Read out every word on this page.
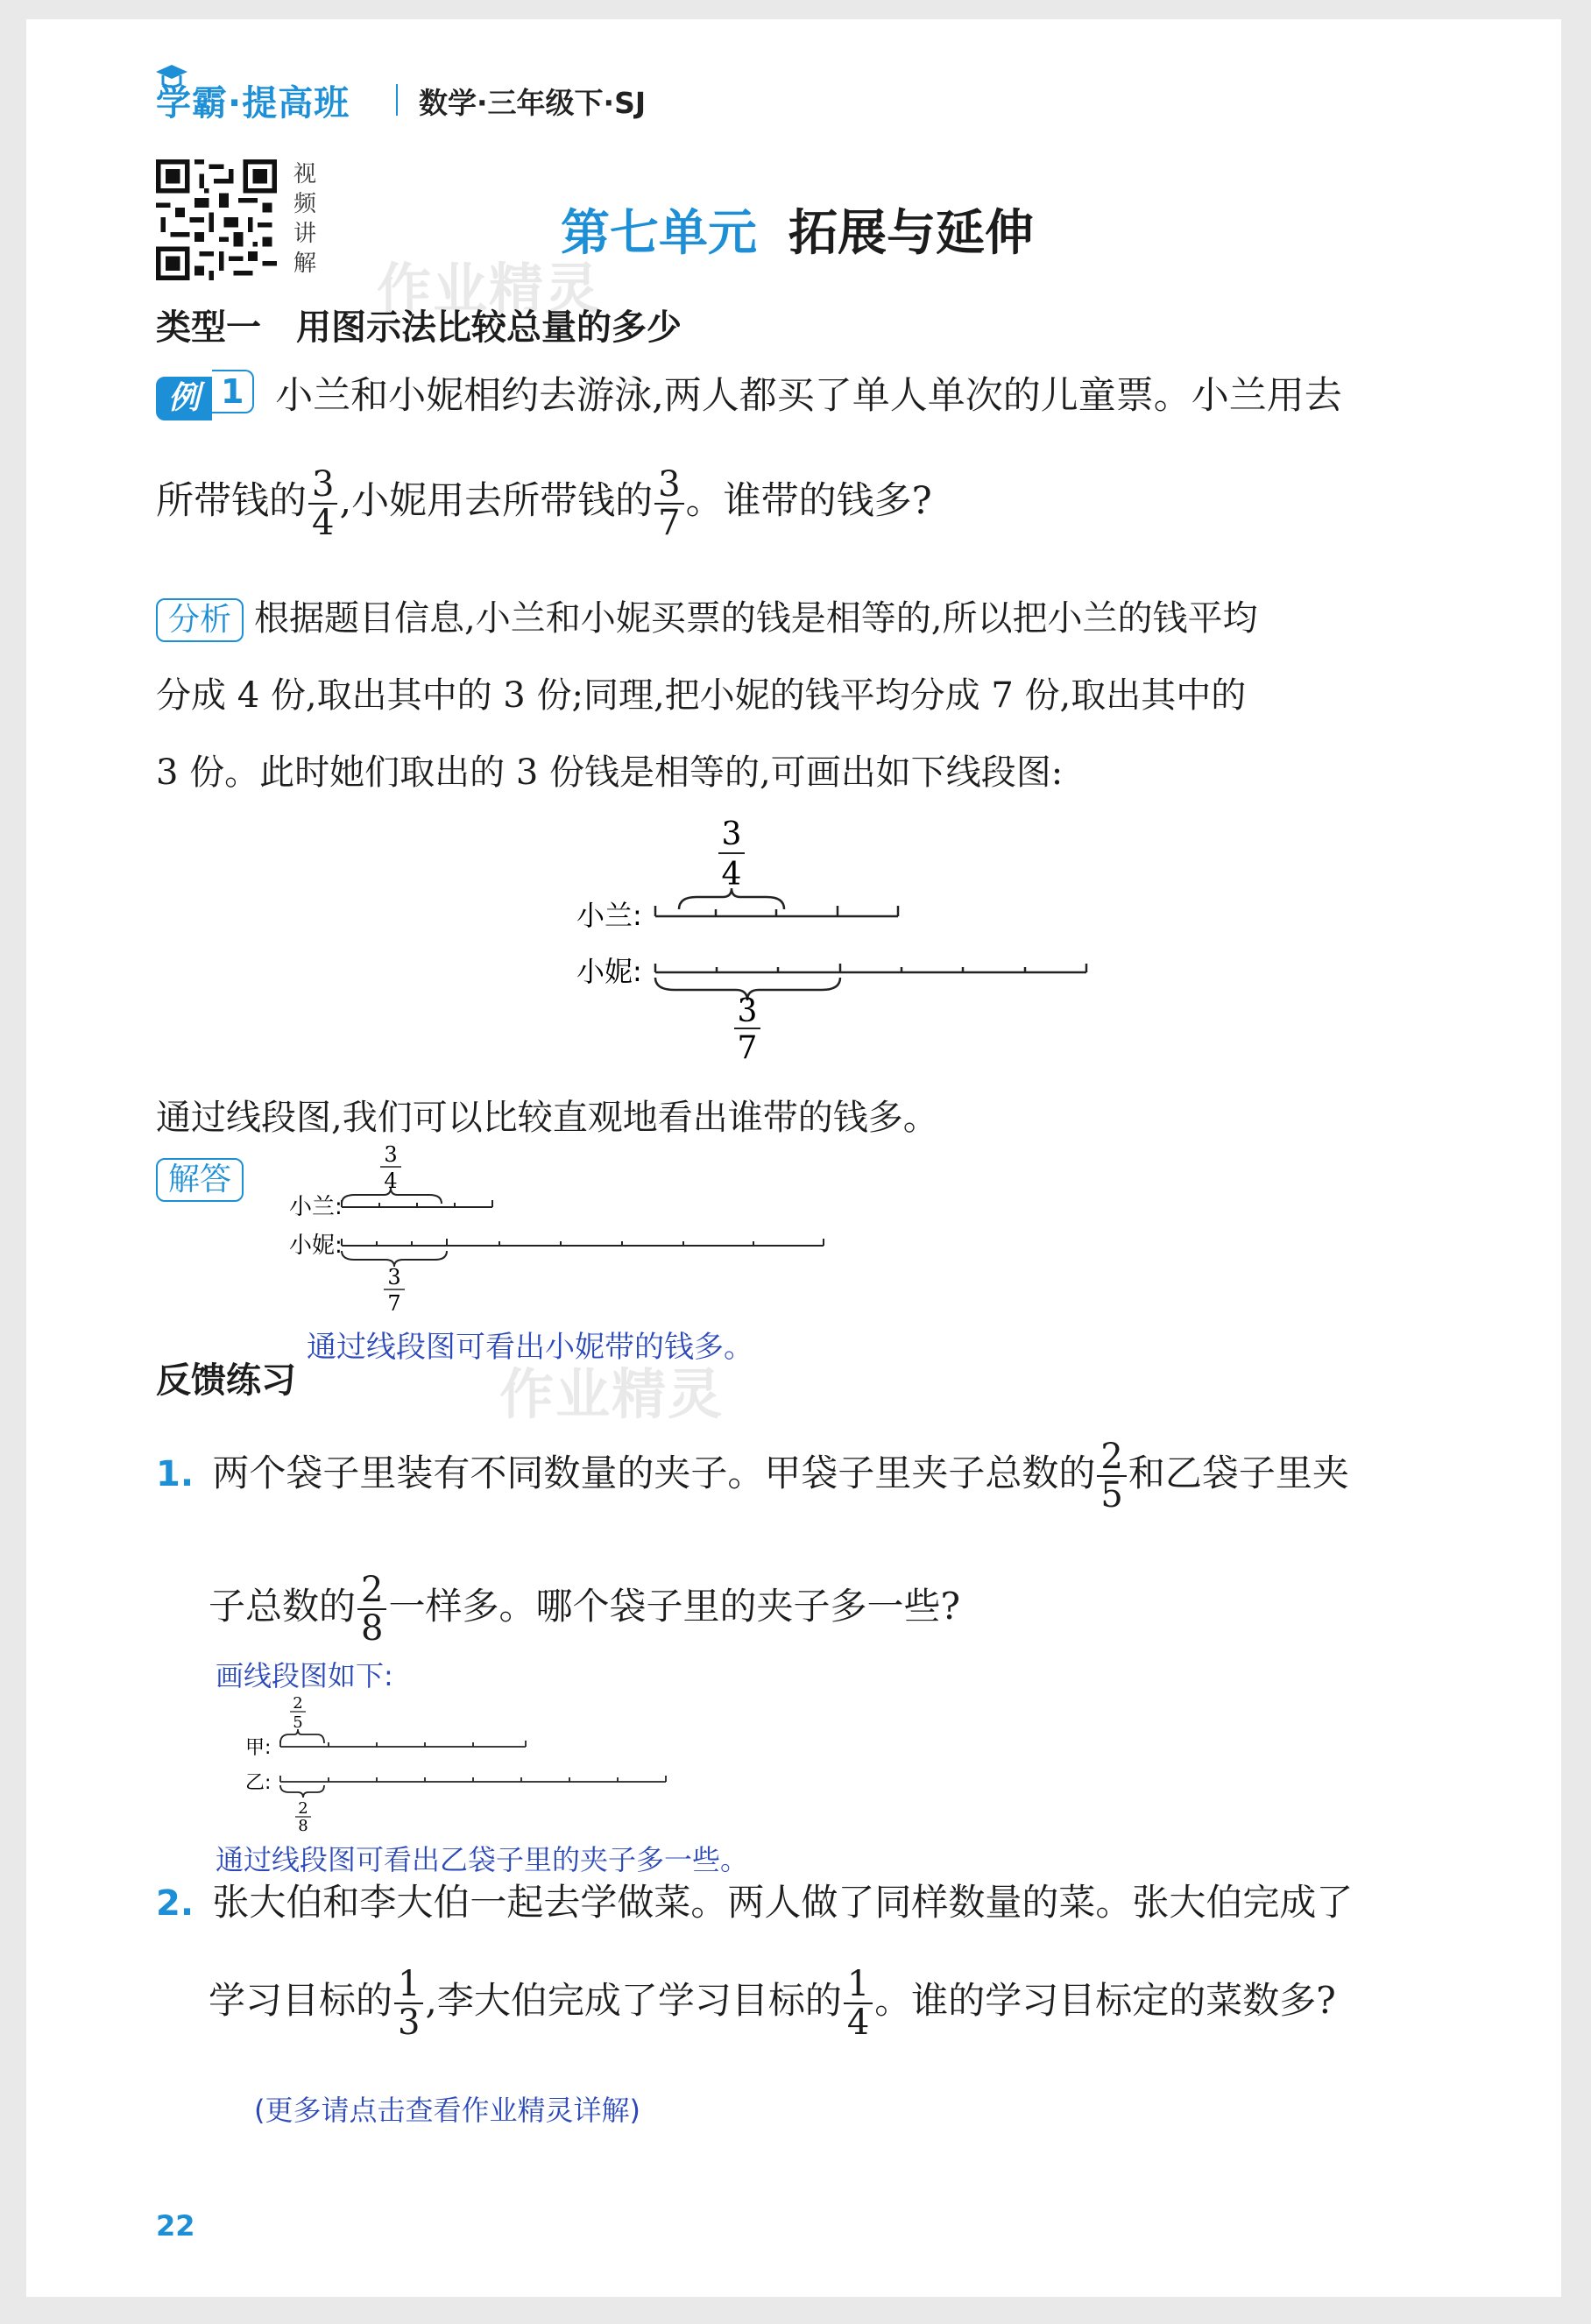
学霸·提高班 数学·三年级下·SJ
视
频
讲
解
第七单元 拓展与延伸
作业精灵
类型一 用图示法比较总量的多少
例 1 小兰和小妮相约去游泳,两人都买了单人单次的儿童票。小兰用去
所带钱的 $\frac{3}{4}$ ,小妮用去所带钱的 $\frac{3}{7}$ 。谁带的钱多?
分析 根据题目信息,小兰和小妮买票的钱是相等的,所以把小兰的钱平均
分成 4 份,取出其中的 3 份;同理,把小妮的钱平均分成 7 份,取出其中的
3 份。此时她们取出的 3 份钱是相等的,可画出如下线段图:
3
4
小兰:
小妮:
3
7
通过线段图,我们可以比较直观地看出谁带的钱多。
解答
3
4
小兰:
小妮:
3
7
通过线段图可看出小妮带的钱多。
作业精灵
反馈练习
1. 两个袋子里装有不同数量的夹子。甲袋子里夹子总数的 $\frac{2}{5}$ 和乙袋子里夹
子总数的 $\frac{2}{8}$ 一样多。哪个袋子里的夹子多一些?
画线段图如下:
2
5
甲:
乙:
2
8
通过线段图可看出乙袋子里的夹子多一些。
2. 张大伯和李大伯一起去学做菜。两人做了同样数量的菜。张大伯完成了
学习目标的 $\frac{1}{3}$ ,李大伯完成了学习目标的 $\frac{1}{4}$ 。谁的学习目标定的菜数多?
(更多请点击查看作业精灵详解)
22
